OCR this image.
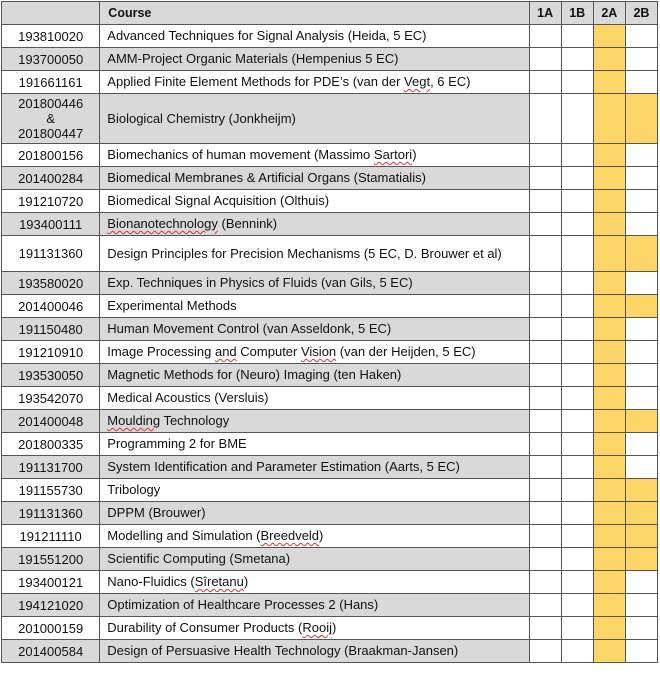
	Course	1A	1B	2A	2B
193810020	Advanced Techniques for Signal Analysis (Heida, 5 EC)				
193700050	AMM-Project Organic Materials (Hempenius 5 EC)				
191661161	Applied Finite Element Methods for PDE’s (van der Vegt, 6 EC)				
201800446
&
201800447	Biological Chemistry (Jonkheijm)				
201800156	Biomechanics of human movement (Massimo Sartori)				
201400284	Biomedical Membranes & Artificial Organs (Stamatialis)				
191210720	Biomedical Signal Acquisition (Olthuis)				
193400111	Bionanotechnology (Bennink)				
191131360	Design Principles for Precision Mechanisms (5 EC, D. Brouwer et al)				
193580020	Exp. Techniques in Physics of Fluids (van Gils, 5 EC)				
201400046	Experimental Methods				
191150480	Human Movement Control (van Asseldonk, 5 EC)				
191210910	Image Processing and Computer Vision (van der Heijden, 5 EC)				
193530050	Magnetic Methods for (Neuro) Imaging (ten Haken)				
193542070	Medical Acoustics (Versluis)				
201400048	Moulding Technology				
201800335	Programming 2 for BME				
191131700	System Identification and Parameter Estimation (Aarts, 5 EC)				
191155730	Tribology				
191131360	DPPM (Brouwer)				
191211110	Modelling and Simulation (Breedveld)				
191551200	Scientific Computing (Smetana)				
193400121	Nano-Fluidics (Sîretanu)				
194121020	Optimization of Healthcare Processes 2 (Hans)				
201000159	Durability of Consumer Products (Rooij)				
201400584	Design of Persuasive Health Technology (Braakman-Jansen)				
